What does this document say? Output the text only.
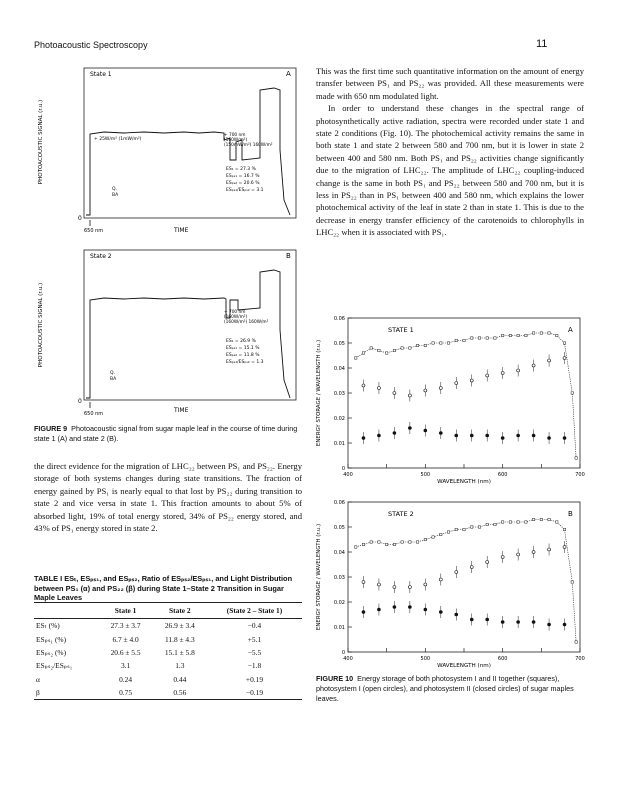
Photoacoustic Spectroscopy	11
PHOTOACOUSTIC SIGNAL (r.u.)
State 1	A
+ 25W/m² (1mW/m²)
+ 700 nm
(160W/m²)
(150mW/m²) 160W/m²
ES₁ = 27.3 %
ESₚₛ₁ = 16.7 %
ESₚₛ₂ = 20.6 %
ESₚₛ₁/ESₚₛ₂ = 3.1
Q.
BA
0
650 nm	TIME
PHOTOACOUSTIC SIGNAL (r.u.)
State 2	B
+ 700 nm
(160W/m²)
(160W/m²) 160W/m²
ES₁ = 26.9 %
ESₚₛ₁ = 15.1 %
ESₚₛ₂ = 11.8 %
ESₚₛ₁/ESₚₛ₂ = 1.3
Q.
BA
0
650 nm	TIME
FIGURE 9 Photoacoustic signal from sugar maple leaf in the course of time during state 1 (A) and state 2 (B).

the direct evidence for the migration of LHC₂₂ between PS₁ and PS₂₂. Energy storage of both systems changes during state transitions. The fraction of energy gained by PS₁ is nearly equal to that lost by PS₂₂ during transition to state 2 and vice versa in state 1. This fraction amounts to about 5% of absorbed light, 19% of total energy stored, 34% of PS₂₂ energy stored, and 43% of PS₁ energy stored in state 2.

TABLE I ESₜ, ESₚₛ₁, and ESₚₛ₂, Ratio of ESₚₛ₂/ESₚₛ₁, and Light Distribution between PS₁ (α) and PS₂₂ (β) during State 1–State 2 Transition in Sugar Maple Leaves
	State 1	State 2	(State 2 – State 1)
ESₜ (%)	27.3 ± 3.7	26.9 ± 3.4	−0.4
ESₚₛ₁ (%)	6.7 ± 4.0	11.8 ± 4.3	+5.1
ESₚₛ₂ (%)	20.6 ± 5.5	15.1 ± 5.8	−5.5
ESₚₛ₂/ESₚₛ₁	3.1	1.3	−1.8
α	0.24	0.44	+0.19
β	0.75	0.56	−0.19

This was the first time such quantitative information on the amount of energy transfer between PS₁ and PS₂₂ was provided. All these measurements were made with 650 nm modulated light.

In order to understand these changes in the spectral range of photosynthetically active radiation, spectra were recorded under state 1 and state 2 conditions (Fig. 10). The photochemical activity remains the same in both state 1 and state 2 between 580 and 700 nm, but it is lower in state 2 between 400 and 580 nm. Both PS₁ and PS₂₂ activities change significantly due to the migration of LHC₂₂. The amplitude of LHC₂₂ coupling-induced change is the same in both PS₁ and PS₂₂ between 580 and 700 nm, but it is less in PS₂₂ than in PS₁ between 400 and 580 nm, which explains the lower photochemical activity of the leaf in state 2 than in state 1. This is due to the decrease in energy transfer efficiency of the carotenoids to chlorophylls in LHC₂₂ when it is associated with PS₁.

STATE 1	A
ENERGY STORAGE / WAVELENGTH (r.u.)
0
0.01
0.02
0.03
0.04
0.05
0.06
400	500	600	700
WAVELENGTH (nm)
STATE 2	B
ENERGY STORAGE / WAVELENGTH (r.u.)
0
0.01
0.02
0.03
0.04
0.05
0.06
400	500	600	700
WAVELENGTH (nm)
FIGURE 10 Energy storage of both photosystem I and II together (squares), photosystem I (open circles), and photosystem II (closed circles) of sugar maples leaves.
